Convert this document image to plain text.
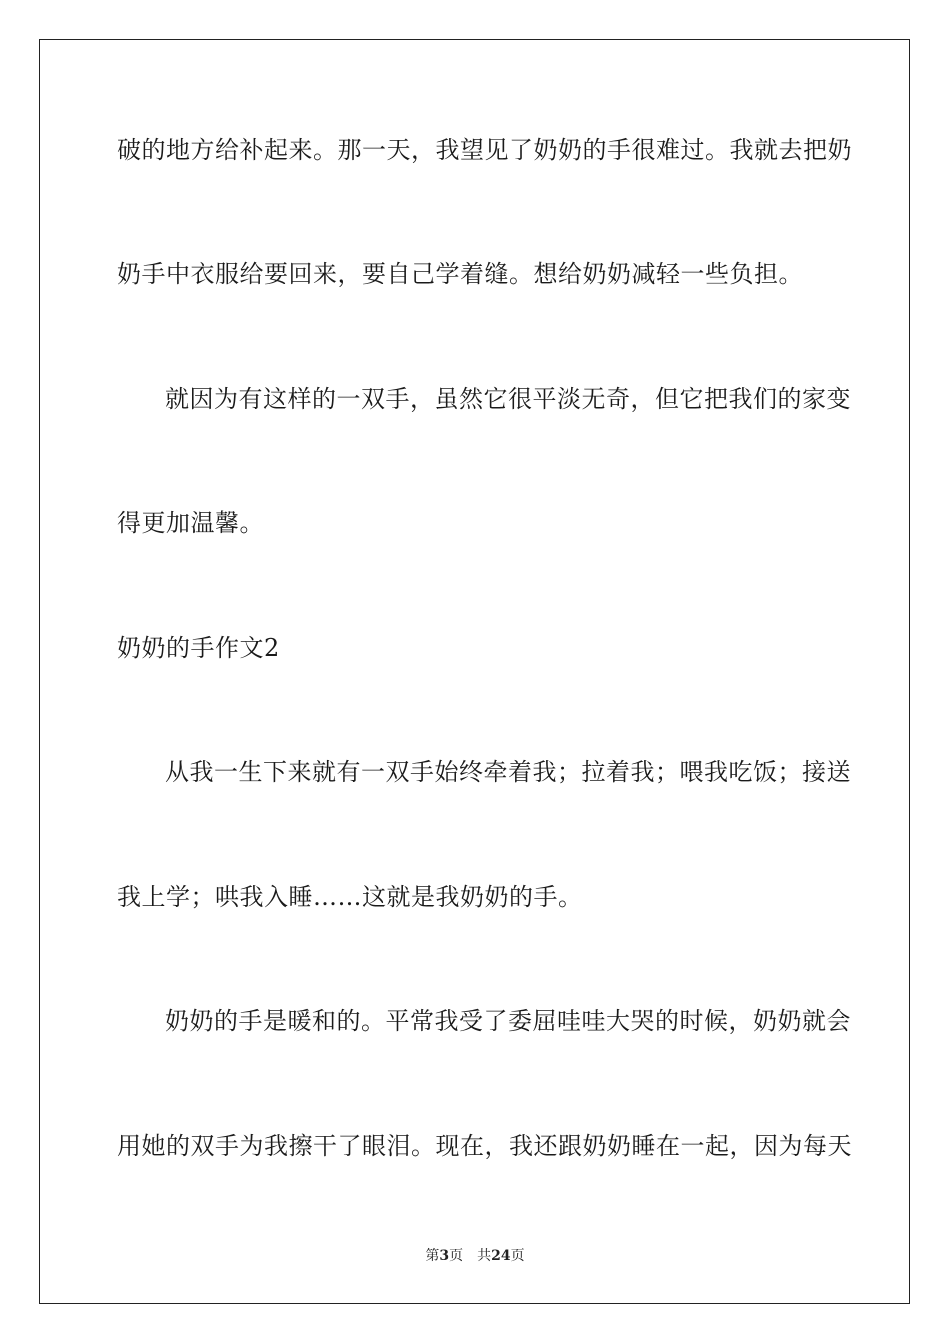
破的地方给补起来。那一天，我望见了奶奶的手很难过。我就去把奶
奶手中衣服给要回来，要自己学着缝。想给奶奶减轻一些负担。
就因为有这样的一双手，虽然它很平淡无奇，但它把我们的家变
得更加温馨。
奶奶的手作文2
从我一生下来就有一双手始终牵着我；拉着我；喂我吃饭；接送
我上学；哄我入睡……这就是我奶奶的手。
奶奶的手是暖和的。平常我受了委屈哇哇大哭的时候，奶奶就会
用她的双手为我擦干了眼泪。现在，我还跟奶奶睡在一起，因为每天
第3页 共24页
